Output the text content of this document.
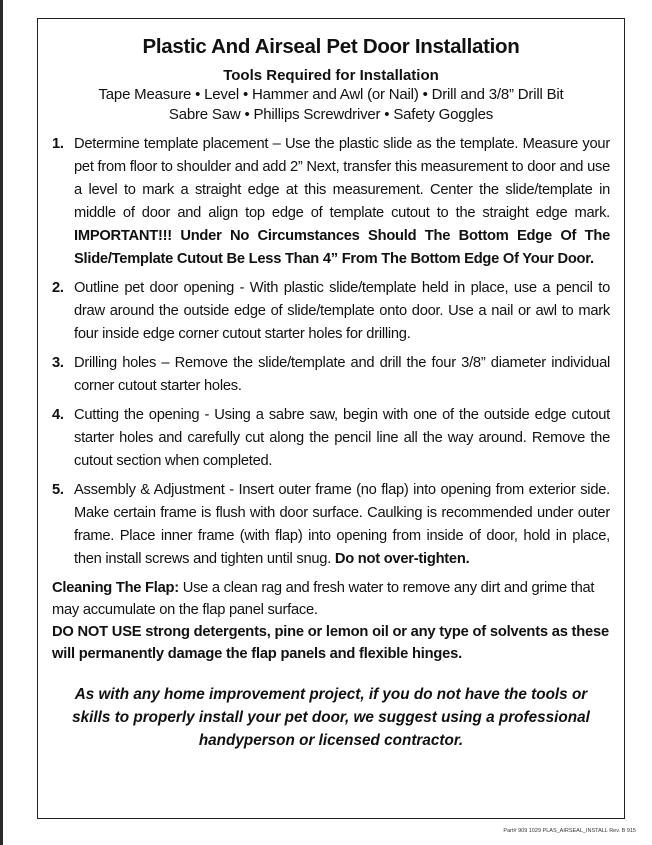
Plastic And Airseal Pet Door Installation
Tools Required for Installation
Tape Measure • Level • Hammer and Awl (or Nail) • Drill and 3/8” Drill Bit
Sabre Saw • Phillips Screwdriver • Safety Goggles
1. Determine template placement – Use the plastic slide as the template. Measure your pet from floor to shoulder and add 2” Next, transfer this measurement to door and use a level to mark a straight edge at this measurement. Center the slide/template in middle of door and align top edge of template cutout to the straight edge mark. IMPORTANT!!! Under No Circumstances Should The Bottom Edge Of The Slide/Template Cutout Be Less Than 4” From The Bottom Edge Of Your Door.
2. Outline pet door opening - With plastic slide/template held in place, use a pencil to draw around the outside edge of slide/template onto door. Use a nail or awl to mark four inside edge corner cutout starter holes for drilling.
3. Drilling holes – Remove the slide/template and drill the four 3/8” diameter individual corner cutout starter holes.
4. Cutting the opening - Using a sabre saw, begin with one of the outside edge cutout starter holes and carefully cut along the pencil line all the way around. Remove the cutout section when completed.
5. Assembly & Adjustment - Insert outer frame (no flap) into opening from exterior side. Make certain frame is flush with door surface. Caulking is recommended under outer frame. Place inner frame (with flap) into opening from inside of door, hold in place, then install screws and tighten until snug. Do not over-tighten.
Cleaning The Flap: Use a clean rag and fresh water to remove any dirt and grime that may accumulate on the flap panel surface.
DO NOT USE strong detergents, pine or lemon oil or any type of solvents as these will permanently damage the flap panels and flexible hinges.
As with any home improvement project, if you do not have the tools or skills to properly install your pet door, we suggest using a professional handyperson or licensed contractor.
Part# 909 1029 PLAS_AIRSEAL_INSTALL Rev. B 915
